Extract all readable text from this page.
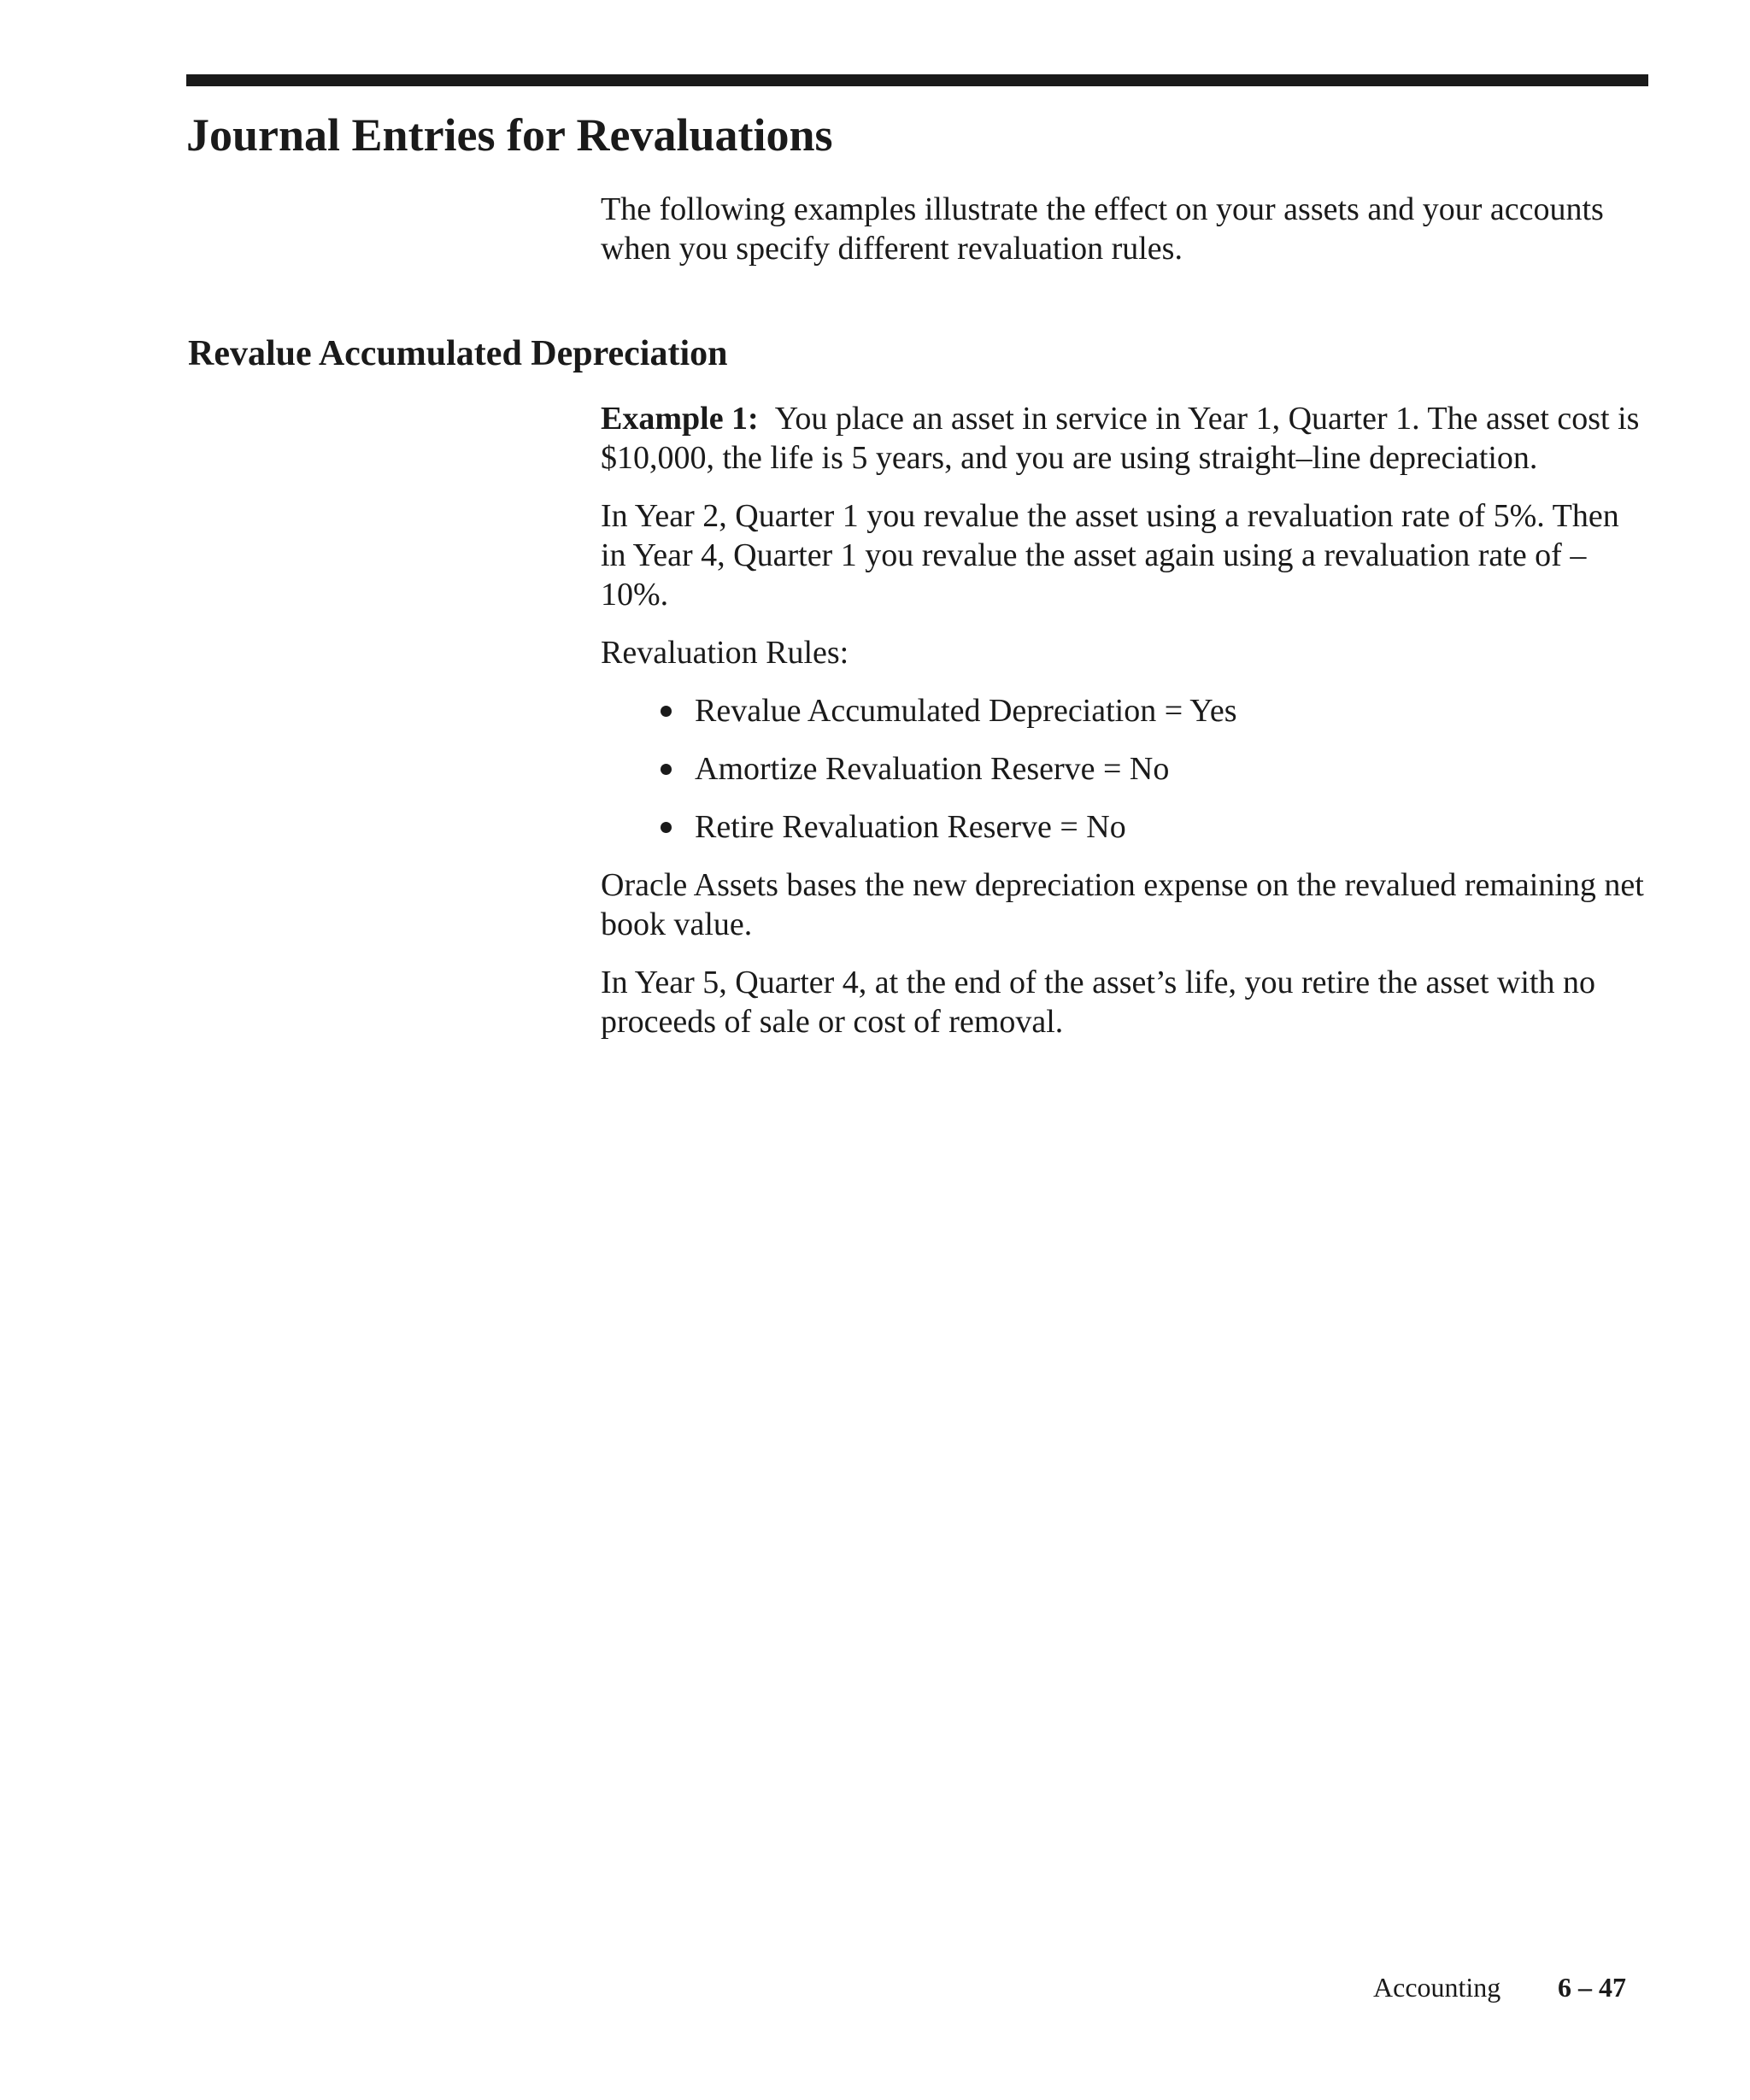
Journal Entries for Revaluations

The following examples illustrate the effect on your assets and your accounts when you specify different revaluation rules.

Revalue Accumulated Depreciation

Example 1: You place an asset in service in Year 1, Quarter 1. The asset cost is $10,000, the life is 5 years, and you are using straight–line depreciation.

In Year 2, Quarter 1 you revalue the asset using a revaluation rate of 5%. Then in Year 4, Quarter 1 you revalue the asset again using a revaluation rate of –10%.

Revaluation Rules:

Revalue Accumulated Depreciation = Yes
Amortize Revaluation Reserve = No
Retire Revaluation Reserve = No

Oracle Assets bases the new depreciation expense on the revalued remaining net book value.

In Year 5, Quarter 4, at the end of the asset’s life, you retire the asset with no proceeds of sale or cost of removal.

Accounting 6 – 47
